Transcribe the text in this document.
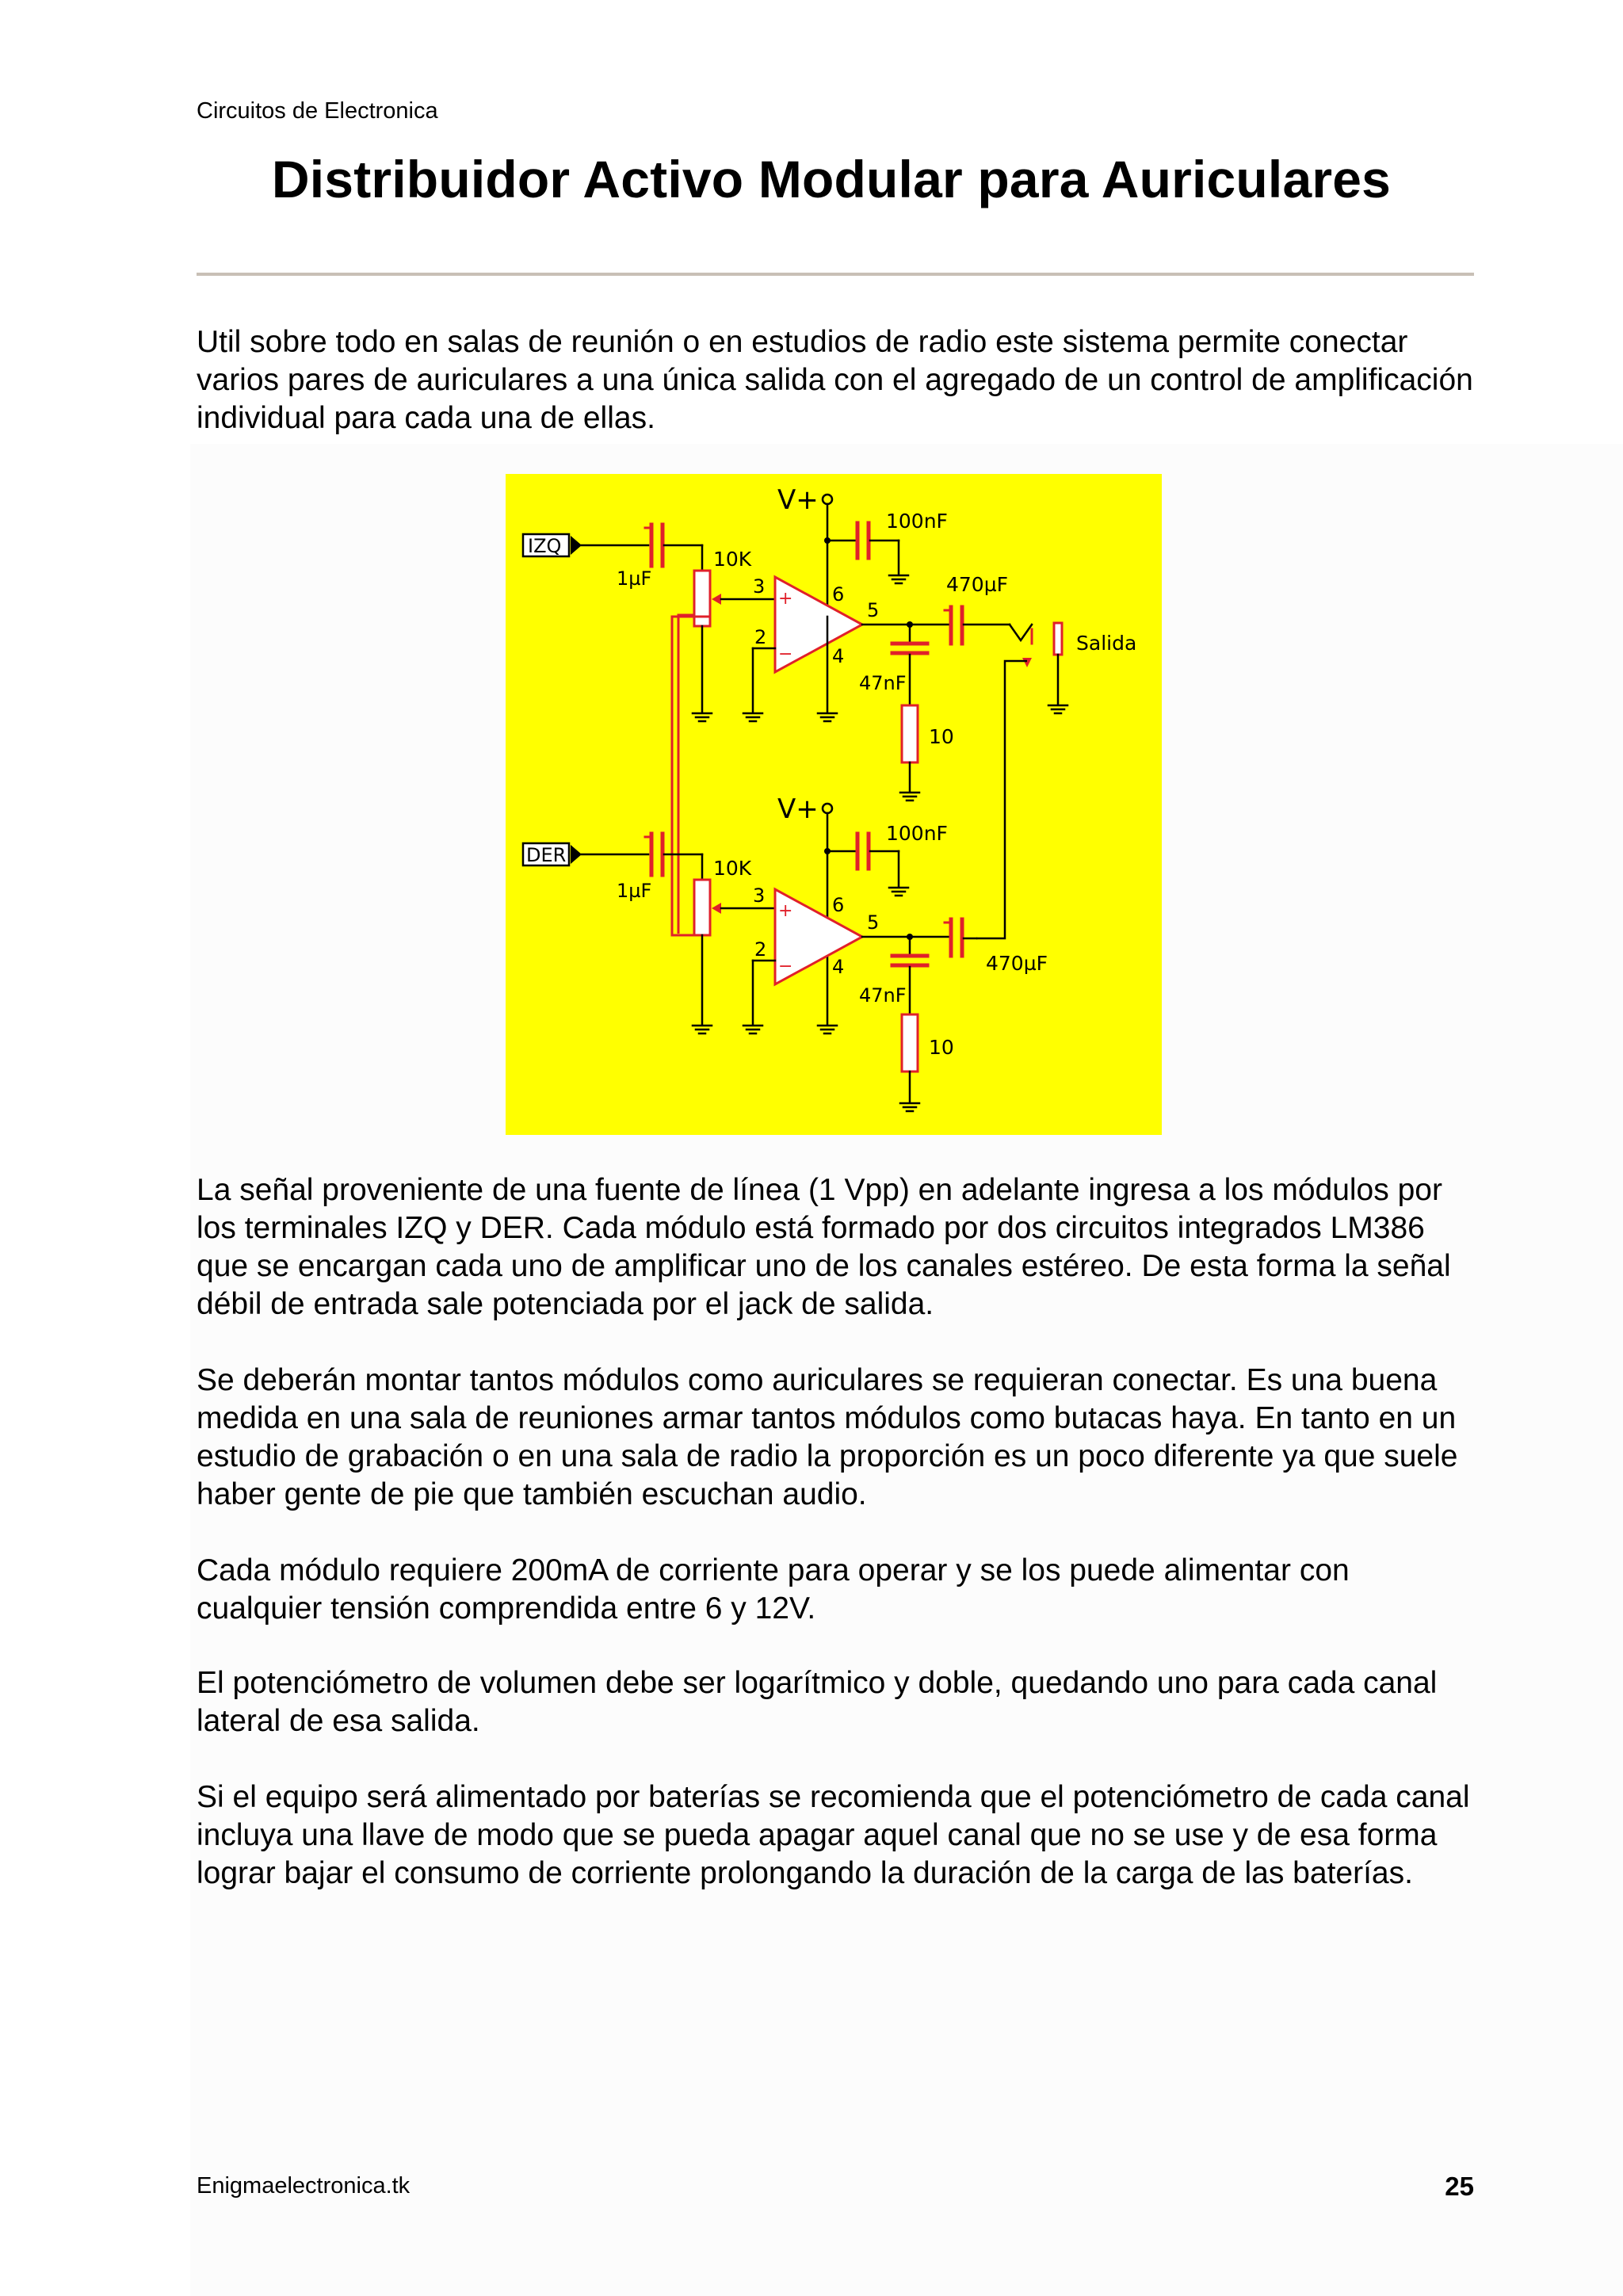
Circuitos de Electronica
Distribuidor Activo Modular para Auriculares
Util sobre todo en salas de reunión o en estudios de radio este sistema permite conectar varios pares de auriculares a una única salida con el agregado de un control de amplificación individual para cada una de ellas.
V+
100nF
IZQ
1µF
10K
3
+
−
2
6
4
5
47nF
10
470µF
Salida
V+
100nF
DER
1µF
10K
3
+
−
2
6
4
5
47nF
10
470µF
La señal proveniente de una fuente de línea (1 Vpp) en adelante ingresa a los módulos por los terminales IZQ y DER. Cada módulo está formado por dos circuitos integrados LM386 que se encargan cada uno de amplificar uno de los canales estéreo. De esta forma la señal débil de entrada sale potenciada por el jack de salida.
Se deberán montar tantos módulos como auriculares se requieran conectar. Es una buena medida en una sala de reuniones armar tantos módulos como butacas haya. En tanto en un estudio de grabación o en una sala de radio la proporción es un poco diferente ya que suele haber gente de pie que también escuchan audio.
Cada módulo requiere 200mA de corriente para operar y se los puede alimentar con cualquier tensión comprendida entre 6 y 12V.
El potenciómetro de volumen debe ser logarítmico y doble, quedando uno para cada canal lateral de esa salida.
Si el equipo será alimentado por baterías se recomienda que el potenciómetro de cada canal incluya una llave de modo que se pueda apagar aquel canal que no se use y de esa forma lograr bajar el consumo de corriente prolongando la duración de la carga de las baterías.
Enigmaelectronica.tk	25
